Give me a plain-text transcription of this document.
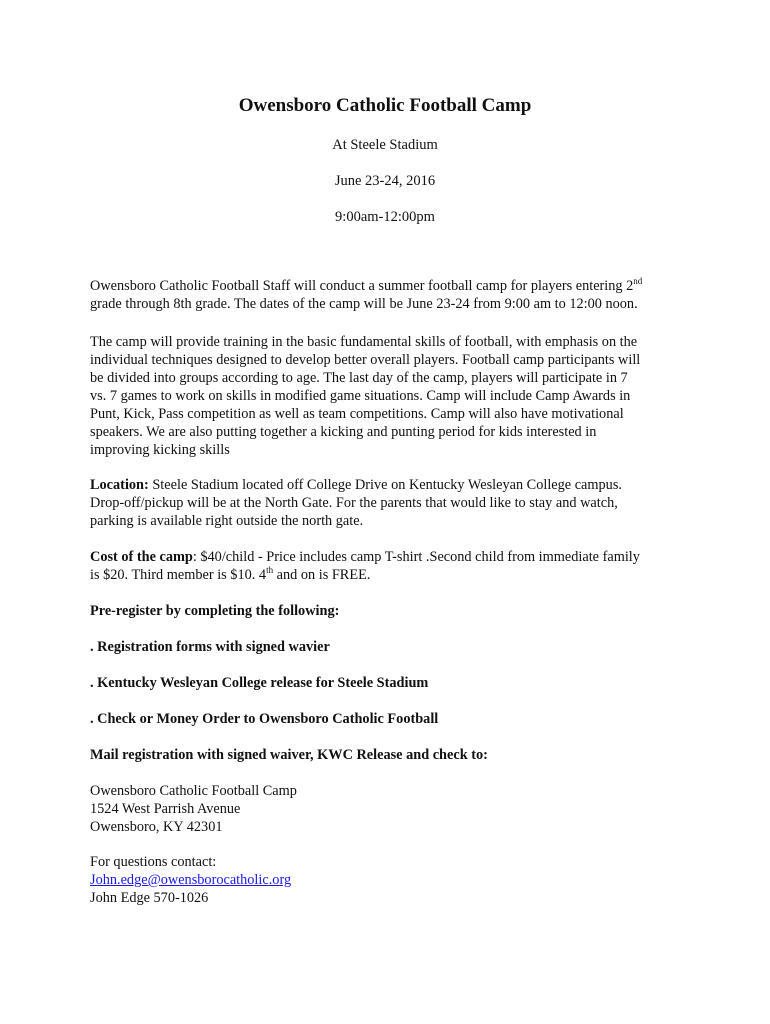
Owensboro Catholic Football Camp
At Steele Stadium
June 23-24, 2016
9:00am-12:00pm
Owensboro Catholic Football Staff will conduct a summer football camp for players entering 2nd
grade through 8th grade. The dates of the camp will be June 23-24 from 9:00 am to 12:00 noon.
The camp will provide training in the basic fundamental skills of football, with emphasis on the
individual techniques designed to develop better overall players. Football camp participants will
be divided into groups according to age. The last day of the camp, players will participate in 7
vs. 7 games to work on skills in modified game situations. Camp will include Camp Awards in
Punt, Kick, Pass competition as well as team competitions. Camp will also have motivational
speakers. We are also putting together a kicking and punting period for kids interested in
improving kicking skills
Location: Steele Stadium located off College Drive on Kentucky Wesleyan College campus.
Drop-off/pickup will be at the North Gate. For the parents that would like to stay and watch,
parking is available right outside the north gate.
Cost of the camp: $40/child - Price includes camp T-shirt .Second child from immediate family
is $20. Third member is $10. 4th and on is FREE.
Pre-register by completing the following:
. Registration forms with signed wavier
. Kentucky Wesleyan College release for Steele Stadium
. Check or Money Order to Owensboro Catholic Football
Mail registration with signed waiver, KWC Release and check to:
Owensboro Catholic Football Camp
1524 West Parrish Avenue
Owensboro, KY 42301
For questions contact:
John.edge@owensborocatholic.org
John Edge 570-1026
